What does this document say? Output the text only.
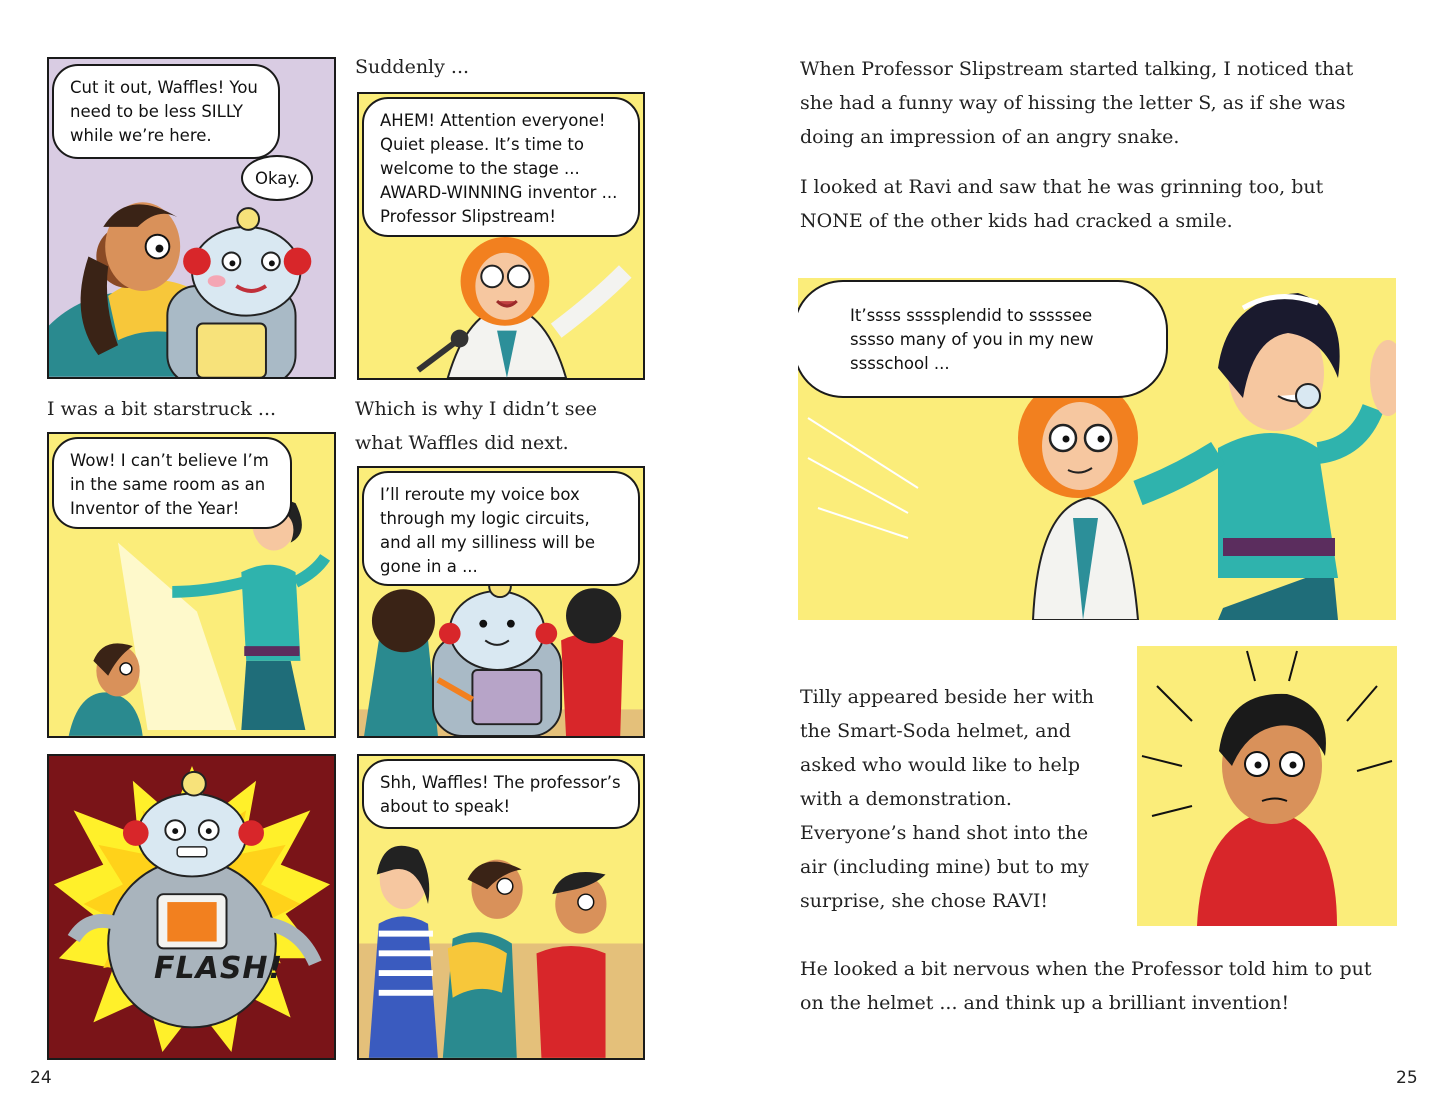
Cut it out, Waffles! You need to be less SILLY while we’re here.
Okay.
Suddenly ...
AHEM! Attention everyone! Quiet please. It’s time to welcome to the stage ... AWARD-WINNING inventor ... Professor Slipstream!
I was a bit starstruck ...
Wow! I can’t believe I’m in the same room as an Inventor of the Year!
Which is why I didn’t see what Waffles did next.
I’ll reroute my voice box through my logic circuits, and all my silliness will be gone in a ...
FLASH!
Shh, Waffles! The professor’s about to speak!
24

When Professor Slipstream started talking, I noticed that she had a funny way of hissing the letter S, as if she was doing an impression of an angry snake.

I looked at Ravi and saw that he was grinning too, but NONE of the other kids had cracked a smile.

It’ssss ssssplendid to sssssee sssso many of you in my new sssschool ...

Tilly appeared beside her with the Smart-Soda helmet, and asked who would like to help with a demonstration. Everyone’s hand shot into the air (including mine) but to my surprise, she chose RAVI!

He looked a bit nervous when the Professor told him to put on the helmet ... and think up a brilliant invention!

25
